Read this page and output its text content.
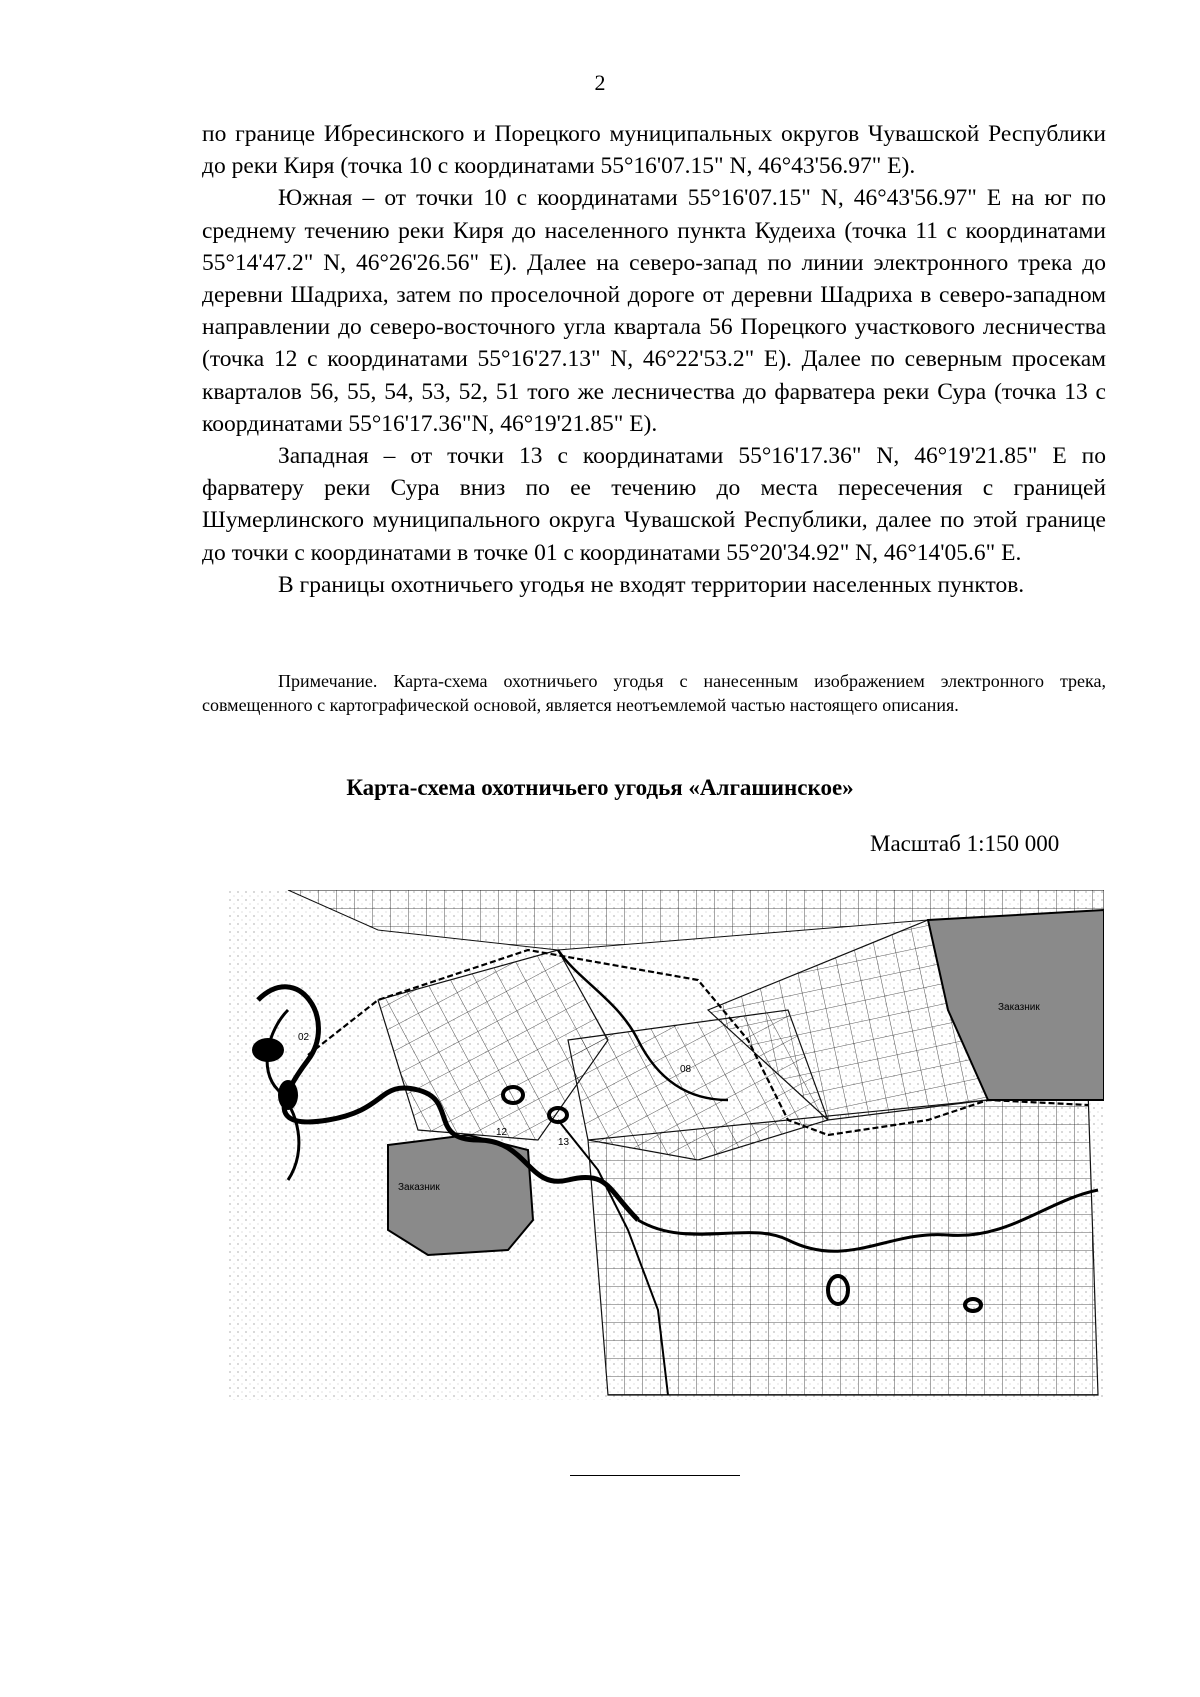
2

по границе Ибресинского и Порецкого муниципальных округов Чувашской Республики до реки Киря (точка 10 с координатами 55°16'07.15" N, 46°43'56.97" E).

Южная – от точки 10 с координатами 55°16'07.15" N, 46°43'56.97" E на юг по среднему течению реки Киря до населенного пункта Кудеиха (точка 11 с координатами 55°14'47.2" N, 46°26'26.56" E). Далее на северо-запад по линии электронного трека до деревни Шадриха, затем по проселочной дороге от деревни Шадриха в северо-западном направлении до северо-восточного угла квартала 56 Порецкого участкового лесничества (точка 12 с координатами 55°16'27.13" N, 46°22'53.2" E). Далее по северным просекам кварталов 56, 55, 54, 53, 52, 51 того же лесничества до фарватера реки Сура (точка 13 с координатами 55°16'17.36"N, 46°19'21.85" E).

Западная – от точки 13 с координатами 55°16'17.36" N, 46°19'21.85" E по фарватеру реки Сура вниз по ее течению до места пересечения с границей Шумерлинского муниципального округа Чувашской Республики, далее по этой границе до точки с координатами в точке 01 с координатами 55°20'34.92" N, 46°14'05.6" E.

В границы охотничьего угодья не входят территории населенных пунктов.

Примечание. Карта-схема охотничьего угодья с нанесенным изображением электронного трека, совмещенного с картографической основой, является неотъемлемой частью настоящего описания.
Карта-схема охотничьего угодья «Алгашинское»
Масштаб 1:150 000
02
08
12
13
Заказник
Заказник
